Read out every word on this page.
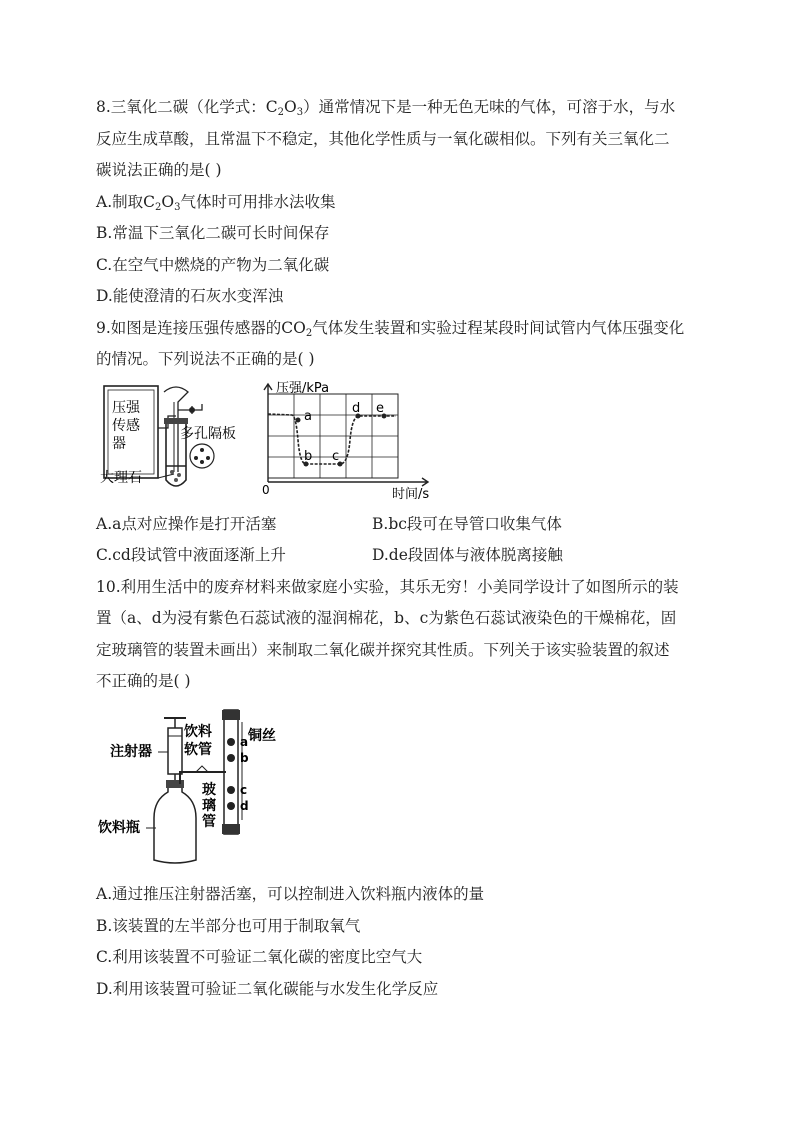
8.三氧化二碳（化学式：$C_2O_3$）通常情况下是一种无色无味的气体，可溶于水，与水
反应生成草酸，且常温下不稳定，其他化学性质与一氧化碳相似。下列有关三氧化二
碳说法正确的是( )
A.制取$C_2O_3$气体时可用排水法收集
B.常温下三氧化二碳可长时间保存
C.在空气中燃烧的产物为二氧化碳
D.能使澄清的石灰水变浑浊
9.如图是连接压强传感器的$CO_2$气体发生装置和实验过程某段时间试管内气体压强变化
的情况。下列说法不正确的是( )
压强
传感
器
多孔隔板
大理石
a
b c
d e
压强/kPa
时间/s
0
A.a点对应操作是打开活塞	B.bc段可在导管口收集气体
C.cd段试管中液面逐渐上升	D.de段固体与液体脱离接触
10.利用生活中的废弃材料来做家庭小实验，其乐无穷！小美同学设计了如图所示的装
置（a、d为浸有紫色石蕊试液的湿润棉花，b、c为紫色石蕊试液染色的干燥棉花，固
定玻璃管的装置未画出）来制取二氧化碳并探究其性质。下列关于该实验装置的叙述
不正确的是( )
a
b
c
d
注射器
饮料
软管
铜丝
玻
璃
管
饮料瓶
A.通过推压注射器活塞，可以控制进入饮料瓶内液体的量
B.该装置的左半部分也可用于制取氧气
C.利用该装置不可验证二氧化碳的密度比空气大
D.利用该装置可验证二氧化碳能与水发生化学反应
